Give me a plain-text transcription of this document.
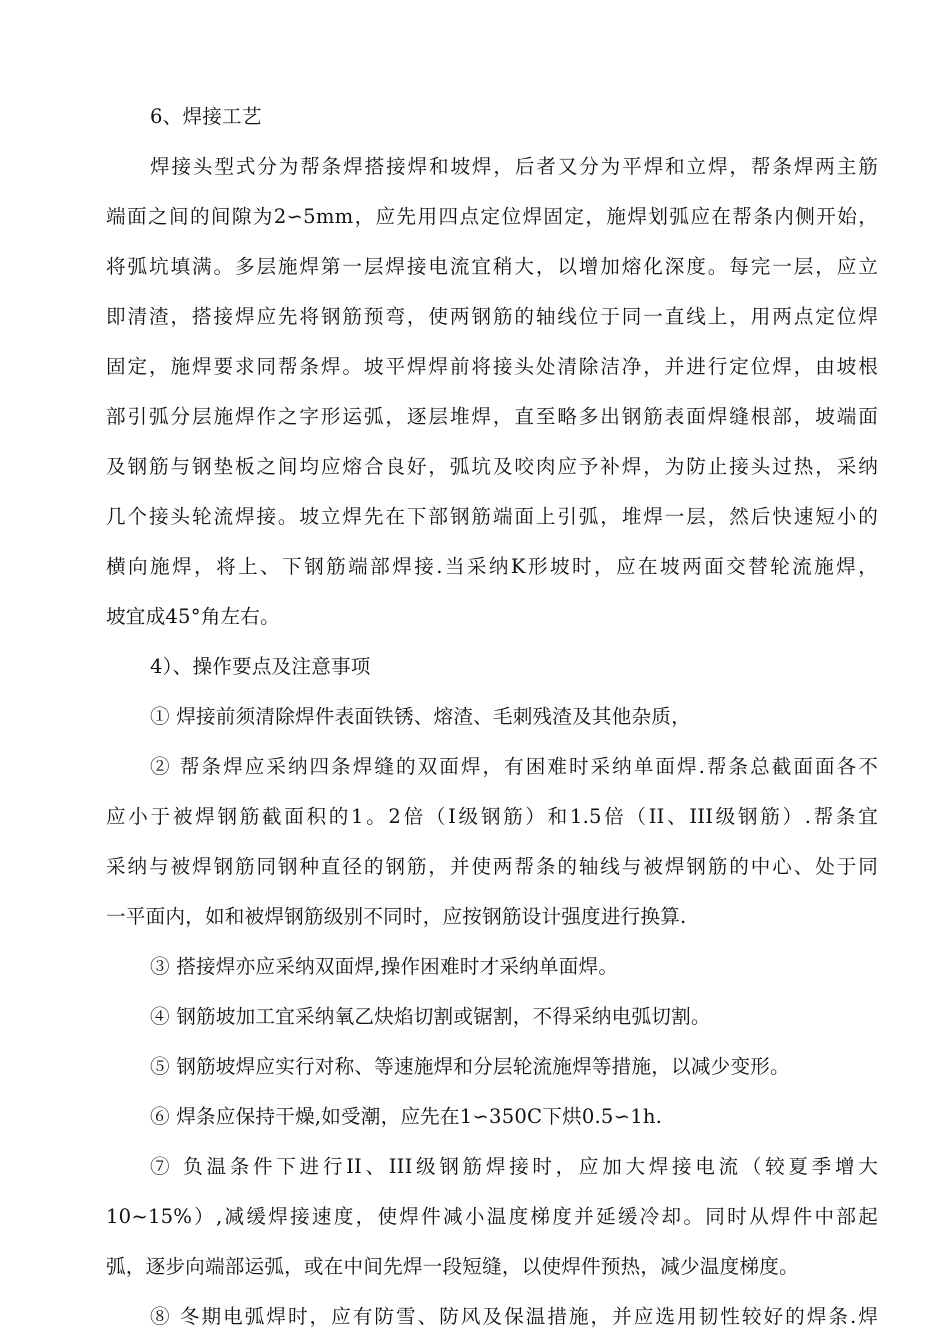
6、焊接工艺
焊接头型式分为帮条焊搭接焊和坡焊，后者又分为平焊和立焊，帮条焊两主筋
端面之间的间隙为2∽5mm，应先用四点定位焊固定，施焊划弧应在帮条内侧开始，
将弧坑填满。多层施焊第一层焊接电流宜稍大，以增加熔化深度。每完一层，应立
即清渣，搭接焊应先将钢筋预弯，使两钢筋的轴线位于同一直线上，用两点定位焊
固定，施焊要求同帮条焊。坡平焊焊前将接头处清除洁净，并进行定位焊，由坡根
部引弧分层施焊作之字形运弧，逐层堆焊，直至略多出钢筋表面焊缝根部，坡端面
及钢筋与钢垫板之间均应熔合良好，弧坑及咬肉应予补焊，为防止接头过热，采纳
几个接头轮流焊接。坡立焊先在下部钢筋端面上引弧，堆焊一层，然后快速短小的
横向施焊，将上、下钢筋端部焊接.当采纳K形坡时，应在坡两面交替轮流施焊，
坡宜成45°角左右。
4）、操作要点及注意事项
① 焊接前须清除焊件表面铁锈、熔渣、毛刺残渣及其他杂质，
② 帮条焊应采纳四条焊缝的双面焊，有困难时采纳单面焊.帮条总截面面各不
应小于被焊钢筋截面积的1。2倍（I级钢筋）和1.5倍（II、III级钢筋）.帮条宜
采纳与被焊钢筋同钢种直径的钢筋，并使两帮条的轴线与被焊钢筋的中心、处于同
一平面内，如和被焊钢筋级别不同时，应按钢筋设计强度进行换算.
③ 搭接焊亦应采纳双面焊,操作困难时才采纳单面焊。
④ 钢筋坡加工宜采纳氧乙炔焰切割或锯割，不得采纳电弧切割。
⑤ 钢筋坡焊应实行对称、等速施焊和分层轮流施焊等措施，以减少变形。
⑥ 焊条应保持干燥,如受潮，应先在1∽350C下烘0.5∽1h.
⑦ 负温条件下进行II、III级钢筋焊接时，应加大焊接电流（较夏季增大
10~15%）,减缓焊接速度，使焊件减小温度梯度并延缓冷却。同时从焊件中部起
弧，逐步向端部运弧，或在中间先焊一段短缝，以使焊件预热，减少温度梯度。
⑧ 冬期电弧焊时，应有防雪、防风及保温措施，并应选用韧性较好的焊条.焊
